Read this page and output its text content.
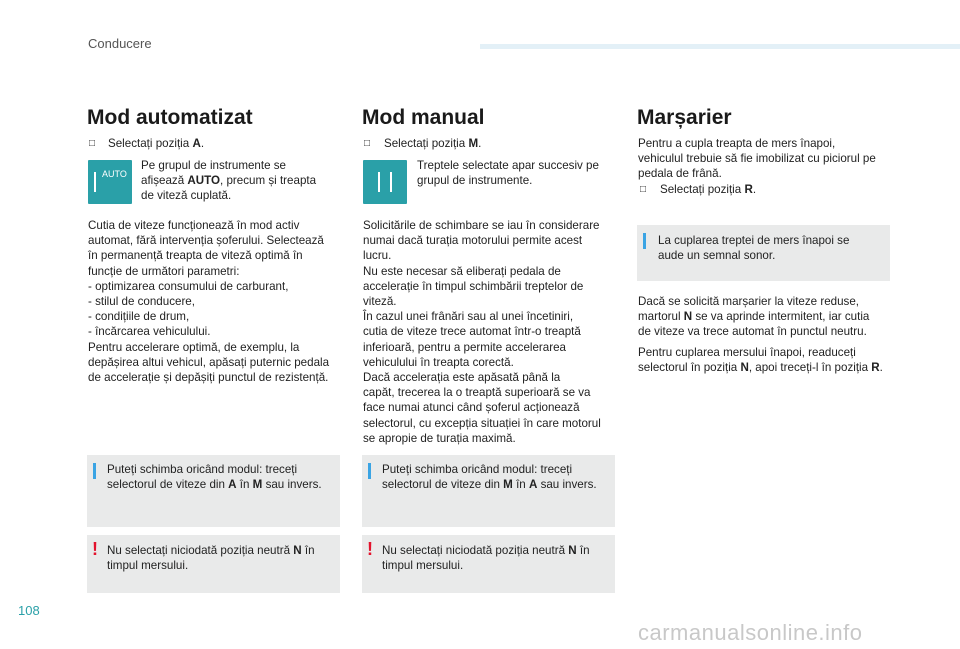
Conducere
Mod automatizat
□ Selectați poziția A.
AUTO
Pe grupul de instrumente se
afișează AUTO, precum și treapta
de viteză cuplată.
Cutia de viteze funcționează în mod activ
automat, fără intervenția șoferului. Selectează
în permanență treapta de viteză optimă în
funcție de următori parametri:
- optimizarea consumului de carburant,
- stilul de conducere,
- condițiile de drum,
- încărcarea vehiculului.
Pentru accelerare optimă, de exemplu, la
depășirea altui vehicul, apăsați puternic pedala
de accelerație și depășiți punctul de rezistență.
Puteți schimba oricând modul: treceți
selectorul de viteze din A în M sau invers.
! Nu selectați niciodată poziția neutră N în
timpul mersului.
Mod manual
□ Selectați poziția M.
Treptele selectate apar succesiv pe
grupul de instrumente.
Solicitările de schimbare se iau în considerare
numai dacă turația motorului permite acest
lucru.
Nu este necesar să eliberați pedala de
accelerație în timpul schimbării treptelor de
viteză.
În cazul unei frânări sau al unei încetiniri,
cutia de viteze trece automat într-o treaptă
inferioară, pentru a permite accelerarea
vehiculului în treapta corectă.
Dacă accelerația este apăsată până la
capăt, trecerea la o treaptă superioară se va
face numai atunci când șoferul acționează
selectorul, cu excepția situației în care motorul
se apropie de turația maximă.
Puteți schimba oricând modul: treceți
selectorul de viteze din M în A sau invers.
! Nu selectați niciodată poziția neutră N în
timpul mersului.
Marșarier
Pentru a cupla treapta de mers înapoi,
vehiculul trebuie să fie imobilizat cu piciorul pe
pedala de frână.
□ Selectați poziția R.
La cuplarea treptei de mers înapoi se
aude un semnal sonor.
Dacă se solicită marșarier la viteze reduse,
martorul N se va aprinde intermitent, iar cutia
de viteze va trece automat în punctul neutru.
Pentru cuplarea mersului înapoi, readuceți
selectorul în poziția N, apoi treceți-l în poziția R.
108
carmanualsonline.info
